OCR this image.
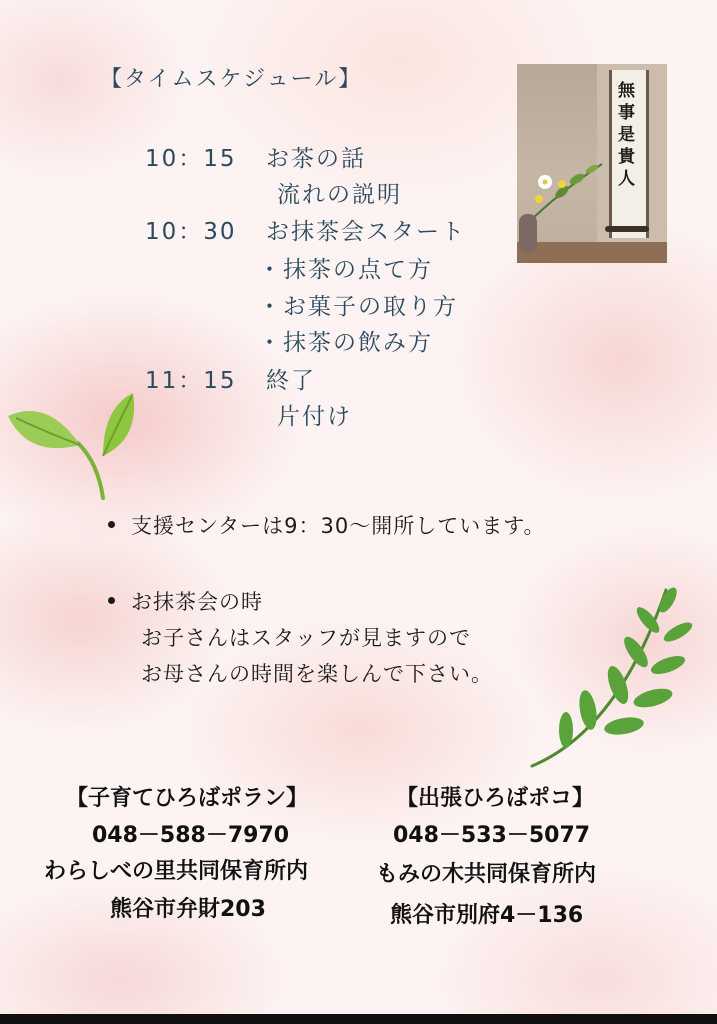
【タイムスケジュール】
10：15 お茶の話
流れの説明
10：30 お抹茶会スタート
・抹茶の点て方
・お菓子の取り方
・抹茶の飲み方
11：15 終了
片付け
無事是貴人
支援センターは9：30～開所しています。
お抹茶会の時
お子さんはスタッフが見ますので
お母さんの時間を楽しんで下さい。
【子育てひろばポラン】
048－588－7970
わらしべの里共同保育所内
熊谷市弁財203
【出張ひろばポコ】
048－533－5077
もみの木共同保育所内
熊谷市別府4－136
